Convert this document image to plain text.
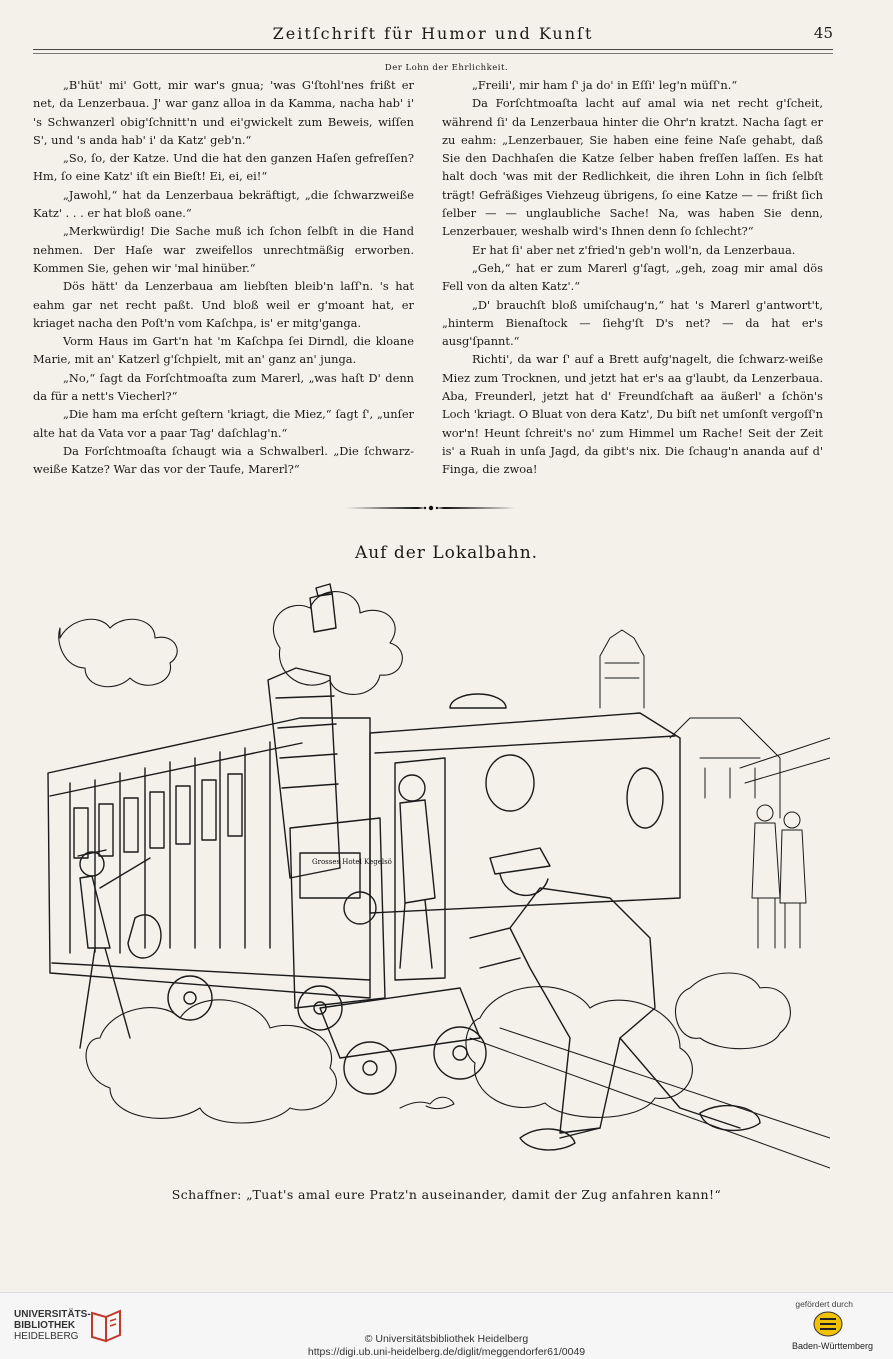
Zeitſchrift für Humor und Kunſt	45
Der Lohn der Ehrlichkeit.

„B'hüt' mi' Gott, mir war's gnua; 'was G'ſtohl'nes frißt er net, da Lenzerbaua. J' war ganz alloa in da Kamma, nacha hab' i' 's Schwanzerl obig'ſchnitt'n und ei'gwickelt zum Beweis, wiſſen S', und 's anda hab' i' da Katz' geb'n.“

„So, ſo, der Katze. Und die hat den ganzen Haſen gefreſſen? Hm, ſo eine Katz' iſt ein Bieſt! Ei, ei, ei!“

„Jawohl,“ hat da Lenzerbaua bekräftigt, „die ſchwarzweiße Katz' . . . er hat bloß oane.“

„Merkwürdig! Die Sache muß ich ſchon ſelbſt in die Hand nehmen. Der Haſe war zweifellos unrechtmäßig erworben. Kommen Sie, gehen wir 'mal hinüber.“

Dös hätt' da Lenzerbaua am liebſten bleib'n laſſ'n. 's hat eahm gar net recht paßt. Und bloß weil er g'moant hat, er kriaget nacha den Poſt'n vom Kaſchpa, is' er mitg'ganga.

Vorm Haus im Gart'n hat 'm Kaſchpa ſei Dirndl, die kloane Marie, mit an' Katzerl g'ſchpielt, mit an' ganz an' junga.

„No,“ ſagt da Forſchtmoaſta zum Marerl, „was haſt D' denn da für a nett's Viecherl?“

„Die ham ma erſcht geſtern 'kriagt, die Miez,“ ſagt ſ', „unſer alte hat da Vata vor a paar Tag' daſchlag'n.“

Da Forſchtmoaſta ſchaugt wia a Schwalberl. „Die ſchwarz-weiße Katze? War das vor der Taufe, Marerl?“

„Freili', mir ham ſ' ja do' in Eſſi' leg'n müſſ'n.“

Da Forſchtmoaſta lacht auf amal wia net recht g'ſcheit, während ſi' da Lenzerbaua hinter die Ohr'n kratzt. Nacha ſagt er zu eahm: „Lenzerbauer, Sie haben eine feine Naſe gehabt, daß Sie den Dachhaſen die Katze ſelber haben freſſen laſſen. Es hat halt doch 'was mit der Redlichkeit, die ihren Lohn in ſich ſelbſt trägt! Gefräßiges Viehzeug übrigens, ſo eine Katze — — frißt ſich ſelber — — unglaubliche Sache! Na, was haben Sie denn, Lenzerbauer, weshalb wird's Ihnen denn ſo ſchlecht?“

Er hat ſi' aber net z'fried'n geb'n woll'n, da Lenzerbaua.

„Geh,“ hat er zum Marerl g'ſagt, „geh, zoag mir amal dös Fell von da alten Katz'.“

„D' brauchſt bloß umiſchaug'n,“ hat 's Marerl g'antwort't, „hinterm Bienaſtock — ſiehg'ſt D's net? — da hat er's ausg'ſpannt.“

Richti', da war ſ' auf a Brett aufg'nagelt, die ſchwarz-weiße Miez zum Trocknen, und jetzt hat er's aa g'laubt, da Lenzerbaua. Aba, Freunderl, jetzt hat d' Freundſchaft aa äußerl' a ſchön's Loch 'kriagt. O Bluat von dera Katz', Du biſt net umſonſt vergoſſ'n wor'n! Heunt ſchreit's no' zum Himmel um Rache! Seit der Zeit is' a Ruah in unſa Jagd, da gibt's nix. Die ſchaug'n ananda auf d' Finga, die zwoa!

Auf der Lokalbahn.
Grosses Hotel Kegelsö
Schaffner: „Tuat's amal eure Pratz'n auseinander, damit der Zug anfahren kann!“
UNIVERSITÄTS-
BIBLIOTHEK
HEIDELBERG	© Universitätsbibliothek Heidelberg
https://digi.ub.uni-heidelberg.de/diglit/meggendorfer61/0049
gefördert durch
Baden-Württemberg
